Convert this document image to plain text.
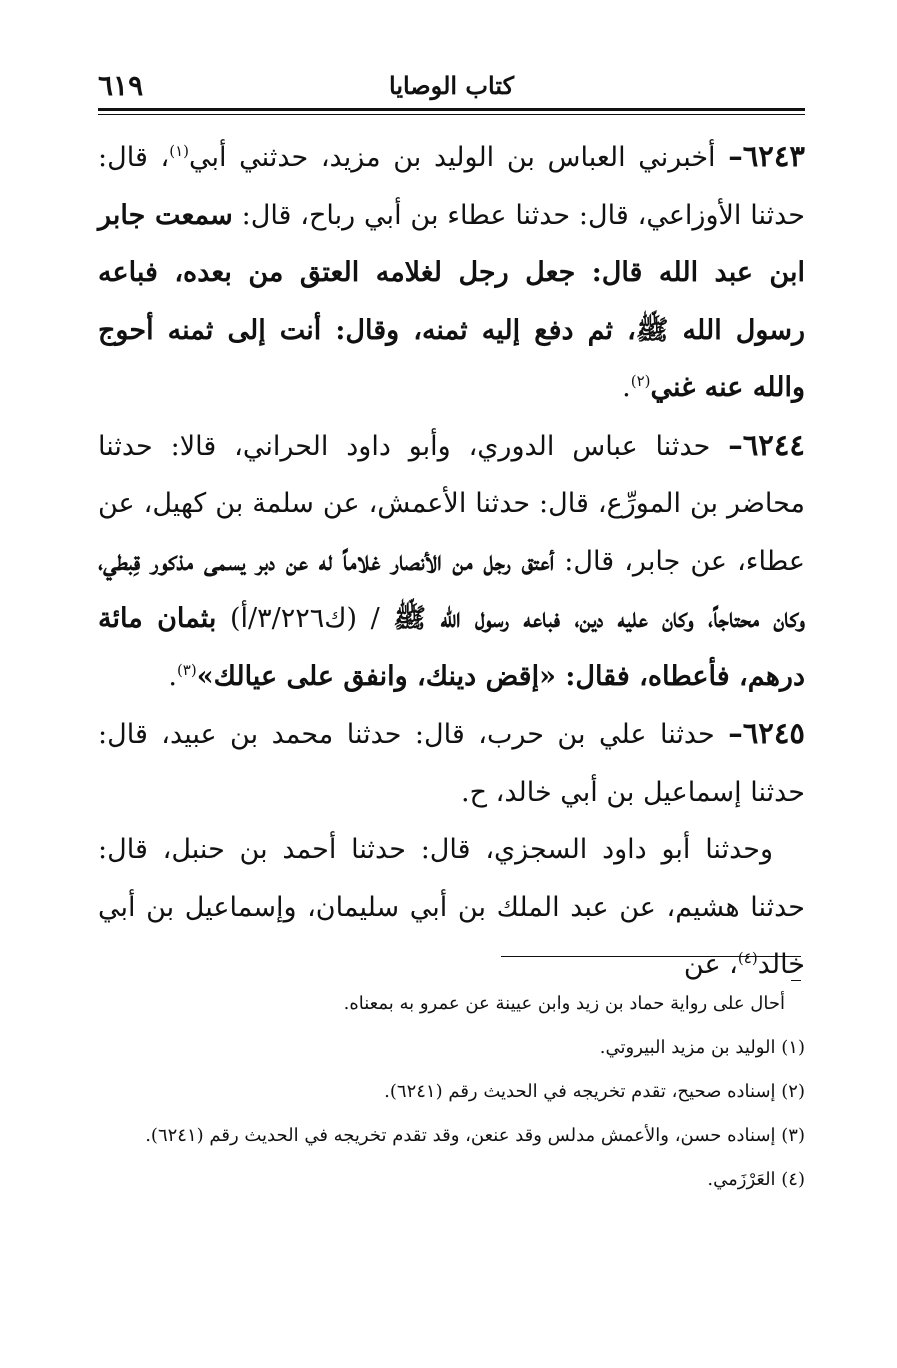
٦١٩	كتاب الوصايا

٦٢٤٣– أخبرني العباس بن الوليد بن مزيد، حدثني أبي$^{(١)}$، قال: حدثنا الأوزاعي، قال: حدثنا عطاء بن أبي رباح، قال: سمعت جابر ابن عبد الله قال: جعل رجل لغلامه العتق من بعده، فباعه رسول الله ﷺ، ثم دفع إليه ثمنه، وقال: أنت إلى ثمنه أحوج والله عنه غني$^{(٢)}$.

٦٢٤٤– حدثنا عباس الدوري، وأبو داود الحراني، قالا: حدثنا محاضر بن المورِّع، قال: حدثنا الأعمش، عن سلمة بن كهيل، عن عطاء، عن جابر، قال: أعتق رجل من الأنصار غلاماً له عن دبر يسمى مذكور قِبطي، وكان محتاجاً، وكان عليه دين، فباعه رسول الله ﷺ / (ك٣/٢٢٦/أ) بثمان مائة درهم، فأعطاه، فقال: «إقض دينك، وانفق على عيالك»$^{(٣)}$.

٦٢٤٥– حدثنا علي بن حرب، قال: حدثنا محمد بن عبيد، قال: حدثنا إسماعيل بن أبي خالد، ح.

وحدثنا أبو داود السجزي، قال: حدثنا أحمد بن حنبل، قال: حدثنا هشيم، عن عبد الملك بن أبي سليمان، وإسماعيل بن أبي خالد$^{(٤)}$، عن

أحال على رواية حماد بن زيد وابن عيينة عن عمرو به بمعناه.
(١) الوليد بن مزيد البيروتي.
(٢) إسناده صحيح، تقدم تخريجه في الحديث رقم (٦٢٤١).
(٣) إسناده حسن، والأعمش مدلس وقد عنعن، وقد تقدم تخريجه في الحديث رقم (٦٢٤١).
(٤) العَرْزَمي.
